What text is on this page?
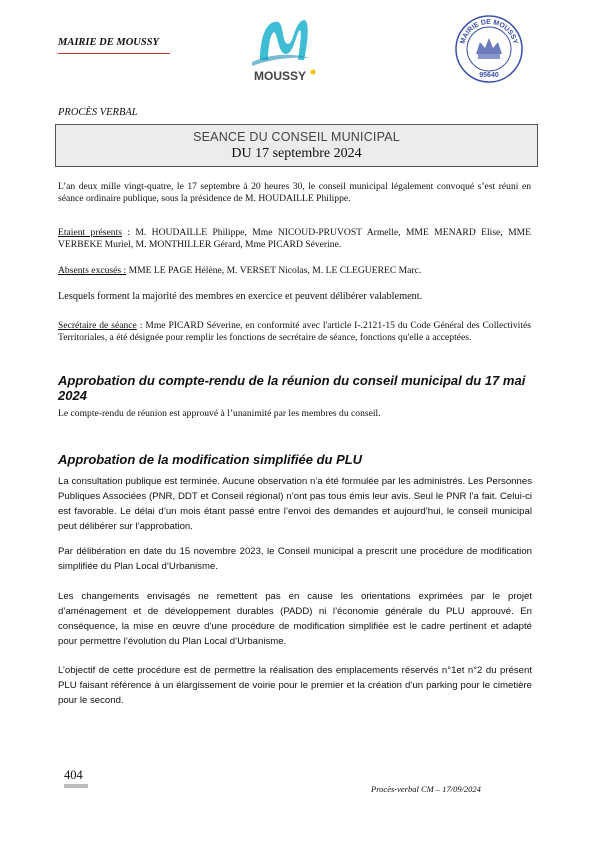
MAIRIE DE MOUSSY
MOUSSY
MAIRIE DE MOUSSY
95640
PROCÈS VERBAL
SEANCE DU CONSEIL MUNICIPAL
DU 17 septembre 2024
L’an deux mille vingt-quatre, le 17 septembre à 20 heures 30, le conseil municipal légalement convoqué s’est réuni en séance ordinaire publique, sous la présidence de M. HOUDAILLE Philippe.
Etaient présents : M. HOUDAILLE Philippe, Mme NICOUD-PRUVOST Armelle, MME MENARD Elise, MME VERBEKE Muriel, M. MONTHILLER Gérard, Mme PICARD Séverine.
Absents excusés : MME LE PAGE Hélène, M. VERSET Nicolas, M. LE CLEGUEREC Marc.
Lesquels forment la majorité des membres en exercice et peuvent délibérer valablement.
Secrétaire de séance : Mme PICARD Séverine, en conformité avec l'article I-.2121-15 du Code Général des Collectivités Territoriales, a été désignée pour remplir les fonctions de secrétaire de séance, fonctions qu'elle a acceptées.
Approbation du compte-rendu de la réunion du conseil municipal du 17 mai 2024
Le compte-rendu de réunion est approuvé à l’unanimité par les membres du conseil.
Approbation de la modification simplifiée du PLU
La consultation publique est terminée. Aucune observation n’a été formulée par les administrés. Les Personnes Publiques Associées (PNR, DDT et Conseil régional) n’ont pas tous émis leur avis. Seul le PNR l’a fait. Celui-ci est favorable. Le délai d’un mois étant passé entre l’envoi des demandes et aujourd’hui, le conseil municipal peut délibérer sur l’approbation.
Par délibération en date du 15 novembre 2023, le Conseil municipal a prescrit une procédure de modification simplifiée du Plan Local d’Urbanisme.
Les changements envisagés ne remettent pas en cause les orientations exprimées par le projet d’aménagement et de développement durables (PADD) ni l’économie générale du PLU approuvé. En conséquence, la mise en œuvre d’une procédure de modification simplifiée est le cadre pertinent et adapté pour permettre l’évolution du Plan Local d’Urbanisme.
L’objectif de cette procédure est de permettre la réalisation des emplacements réservés n°1et n°2 du présent PLU faisant référence à un élargissement de voirie pour le premier et la création d’un parking pour le cimetière pour le second.
404
Procès-verbal CM – 17/09/2024
